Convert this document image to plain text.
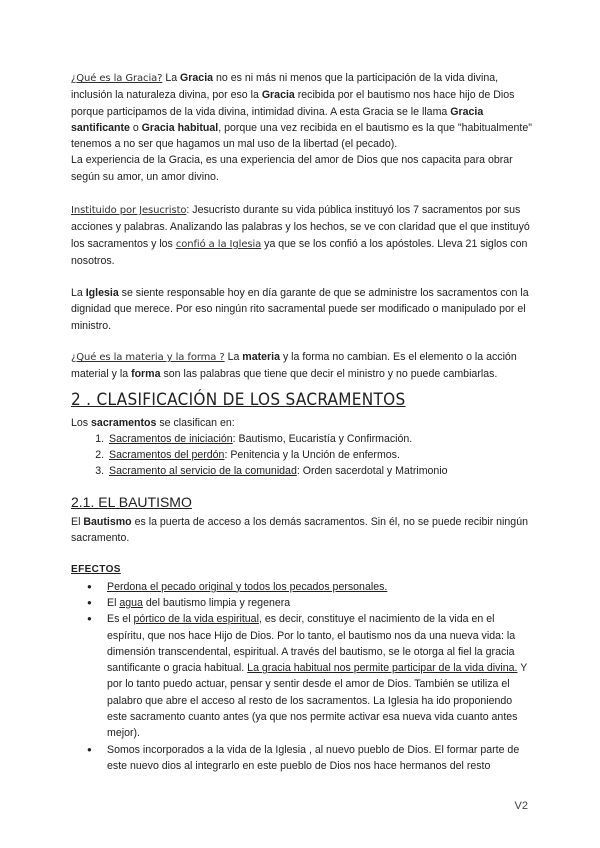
¿Qué es la Gracia? La Gracia no es ni más ni menos que la participación de la vida divina, inclusión la naturaleza divina, por eso la Gracia recibida por el bautismo nos hace hijo de Dios porque participamos de la vida divina, intimidad divina. A esta Gracia se le llama Gracia santificante o Gracia habitual, porque una vez recibida en el bautismo es la que "habitualmente" tenemos a no ser que hagamos un mal uso de la libertad (el pecado).

La experiencia de la Gracia, es una experiencia del amor de Dios que nos capacita para obrar según su amor, un amor divino.

Instituido por Jesucristo: Jesucristo durante su vida pública instituyó los 7 sacramentos por sus acciones y palabras. Analizando las palabras y los hechos, se ve con claridad que el que instituyó los sacramentos y los confió a la Iglesia ya que se los confió a los apóstoles. Lleva 21 siglos con nosotros.

La Iglesia se siente responsable hoy en día garante de que se administre los sacramentos con la dignidad que merece. Por eso ningún rito sacramental puede ser modificado o manipulado por el ministro.

¿Qué es la materia y la forma ? La materia y la forma no cambian. Es el elemento o la acción material y la forma son las palabras que tiene que decir el ministro y no puede cambiarlas.

2 . CLASIFICACIÓN DE LOS SACRAMENTOS

Los sacramentos se clasifican en:

1. Sacramentos de iniciación: Bautismo, Eucaristía y Confirmación.
2. Sacramentos del perdón: Penitencia y la Unción de enfermos.
3. Sacramento al servicio de la comunidad: Orden sacerdotal y Matrimonio
2.1. EL BAUTISMO

El Bautismo es la puerta de acceso a los demás sacramentos. Sin él, no se puede recibir ningún sacramento.

EFECTOS
● Perdona el pecado original y todos los pecados personales.
● El agua del bautismo limpia y regenera
● Es el pórtico de la vida espiritual, es decir, constituye el nacimiento de la vida en el espíritu, que nos hace Hijo de Dios. Por lo tanto, el bautismo nos da una nueva vida: la dimensión transcendental, espiritual. A través del bautismo, se le otorga al fiel la gracia santificante o gracia habitual. La gracia habitual nos permite participar de la vida divina. Y por lo tanto puedo actuar, pensar y sentir desde el amor de Dios. También se utiliza el palabro que abre el acceso al resto de los sacramentos. La Iglesia ha ido proponiendo este sacramento cuanto antes (ya que nos permite activar esa nueva vida cuanto antes mejor).
● Somos incorporados a la vida de la Iglesia , al nuevo pueblo de Dios. El formar parte de este nuevo dios al integrarlo en este pueblo de Dios nos hace hermanos del resto
V2
